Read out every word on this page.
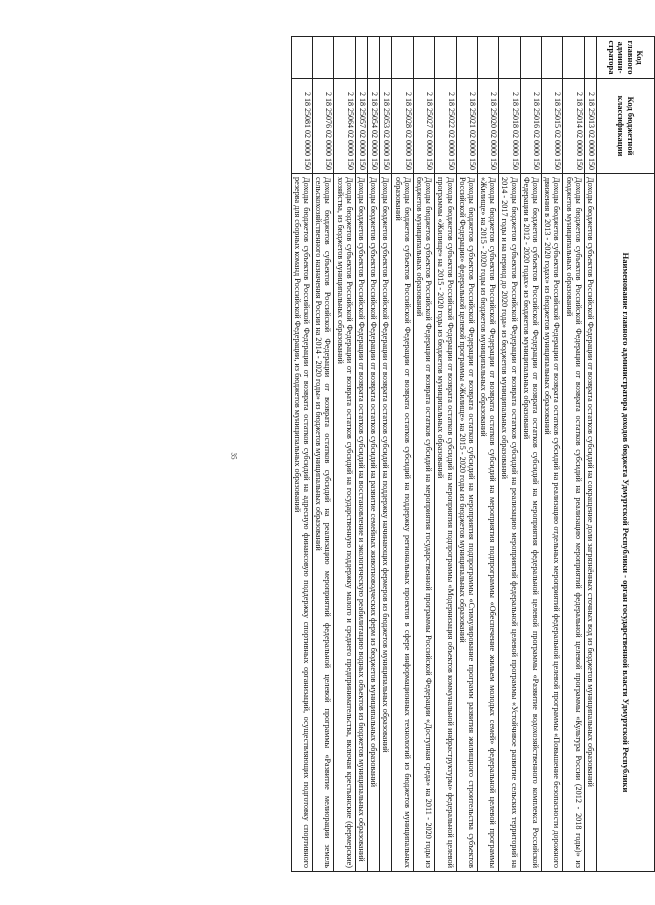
35
Код главного админи-стратора	Код бюджетной классификации	Наименование главного администратора доходов бюджета Удмуртской Республики - орган государственной власти Удмуртской Республики
	2 18 25013 02 0000 150	Доходы бюджетов субъектов Российской Федерации от возврата остатков субсидий на сокращение доли загрязнённых сточных вод из бюджетов муниципальных образований
	2 18 25014 02 0000 150	Доходы бюджетов субъектов Российской Федерации от возврата остатков субсидий на реализацию мероприятий федеральной целевой программы «Культура России (2012 - 2018 годы)» из бюджетов муниципальных образований
	2 18 25015 02 0000 150	Доходы бюджетов субъектов Российской Федерации от возврата остатков субсидий на реализацию отдельных мероприятий федеральной целевой программы «Повышение безопасности дорожного движения в 2013 - 2020 годах» из бюджетов муниципальных образований
	2 18 25016 02 0000 150	Доходы бюджетов субъектов Российской Федерации от возврата остатков субсидий на мероприятия федеральной целевой программы «Развитие водохозяйственного комплекса Российской Федерации в 2012 - 2020 годах» из бюджетов муниципальных образований
	2 18 25018 02 0000 150	Доходы бюджетов субъектов Российской Федерации от возврата остатков субсидий на реализацию мероприятий федеральной целевой программы «Устойчивое развитие сельских территорий на 2014 - 2017 годы и на период до 2020 года» из бюджетов муниципальных образований
	2 18 25020 02 0000 150	Доходы бюджетов субъектов Российской Федерации от возврата остатков субсидий на мероприятия подпрограммы «Обеспечение жильем молодых семей» федеральной целевой программы «Жилище» на 2015 - 2020 годы из бюджетов муниципальных образований
	2 18 25021 02 0000 150	Доходы бюджетов субъектов Российской Федерации от возврата остатков субсидий на мероприятия подпрограммы «Стимулирование программ развития жилищного строительства субъектов Российской Федерации» федеральной целевой программы «Жилище» на 2015 - 2020 годы из бюджетов муниципальных образований
	2 18 25022 02 0000 150	Доходы бюджетов субъектов Российской Федерации от возврата остатков субсидий на мероприятия подпрограммы «Модернизация объектов коммунальной инфраструктуры» федеральной целевой программы «Жилище» на 2015 - 2020 годы из бюджетов муниципальных образований
	2 18 25027 02 0000 150	Доходы бюджетов субъектов Российской Федерации от возврата остатков субсидий на мероприятия государственной программы Российской Федерации «Доступная среда» на 2011 - 2020 годы из бюджетов муниципальных образований
	2 18 25028 02 0000 150	Доходы бюджетов субъектов Российской Федерации от возврата остатков субсидий на поддержку региональных проектов в сфере информационных технологий из бюджетов муниципальных образований
	2 18 25053 02 0000 150	Доходы бюджетов субъектов Российской Федерации от возврата остатков субсидий на поддержку начинающих фермеров из бюджетов муниципальных образований
	2 18 25054 02 0000 150	Доходы бюджетов субъектов Российской Федерации от возврата остатков субсидий на развитие семейных животноводческих ферм из бюджетов муниципальных образований
	2 18 25057 02 0000 150	Доходы бюджетов субъектов Российской Федерации от возврата остатков субсидий на восстановление и экологическую реабилитацию водных объектов из бюджетов муниципальных образований
	2 18 25064 02 0000 150	Доходы бюджетов субъектов Российской Федерации от возврата остатков субсидий на государственную поддержку малого и среднего предпринимательства, включая крестьянские (фермерские) хозяйства, из бюджетов муниципальных образований
	2 18 25076 02 0000 150	Доходы бюджетов субъектов Российской Федерации от возврата остатков субсидий на реализацию мероприятий федеральной целевой программы «Развитие мелиорации земель сельскохозяйственного назначения России на 2014 - 2020 годы» из бюджетов муниципальных образований
	2 18 25081 02 0000 150	Доходы бюджетов субъектов Российской Федерации от возврата остатков субсидий на адресную финансовую поддержку спортивных организаций, осуществляющих подготовку спортивного резерва для сборных команд Российской Федерации, из бюджетов муниципальных образований
